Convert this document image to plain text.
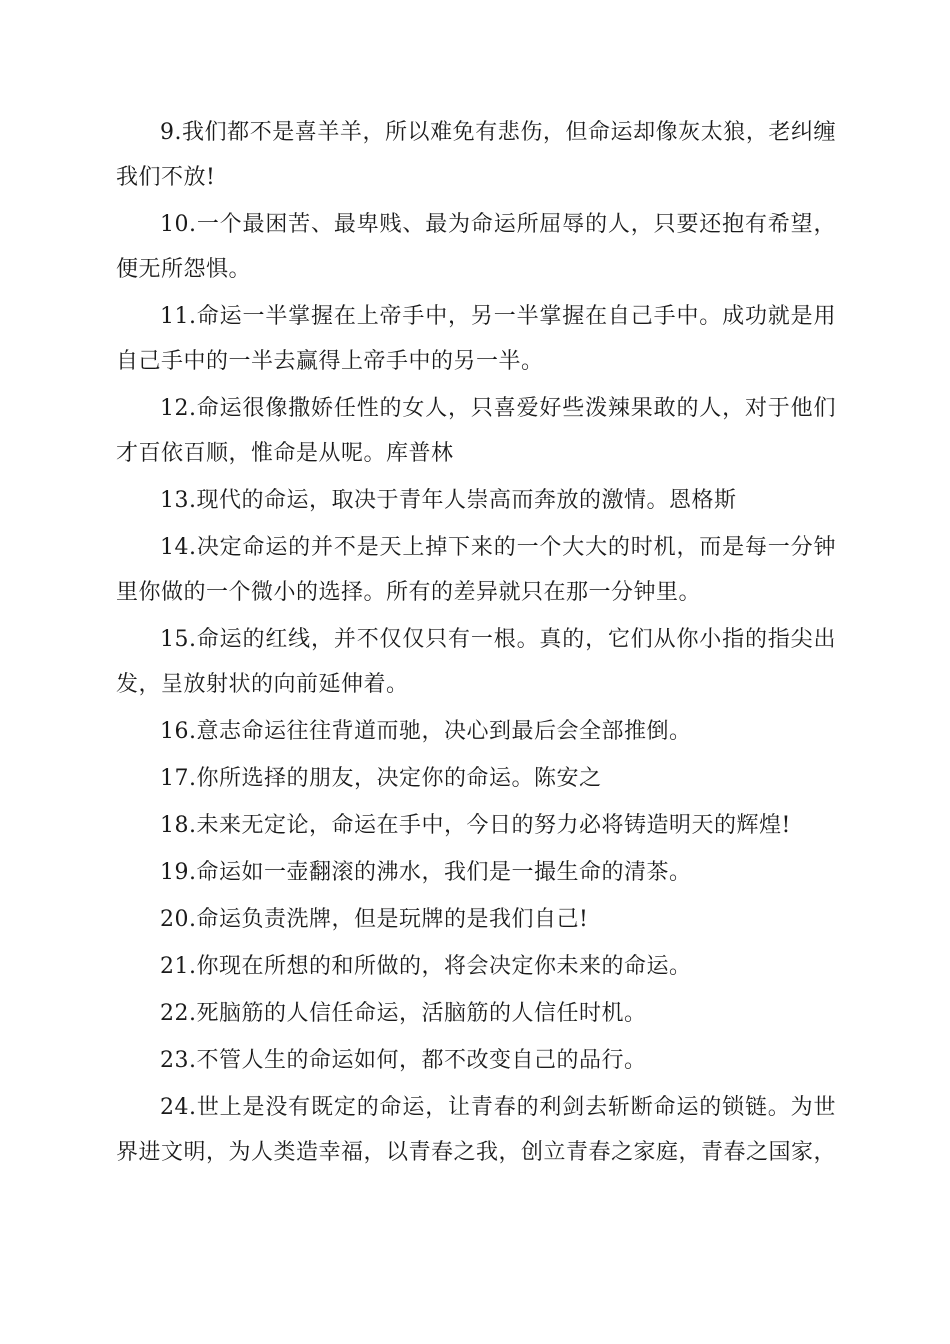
9.我们都不是喜羊羊，所以难免有悲伤，但命运却像灰太狼，老纠缠我们不放!

10.一个最困苦、最卑贱、最为命运所屈辱的人，只要还抱有希望，便无所怨惧。

11.命运一半掌握在上帝手中，另一半掌握在自己手中。成功就是用自己手中的一半去赢得上帝手中的另一半。

12.命运很像撒娇任性的女人，只喜爱好些泼辣果敢的人，对于他们才百依百顺，惟命是从呢。库普林

13.现代的命运，取决于青年人崇高而奔放的激情。恩格斯

14.决定命运的并不是天上掉下来的一个大大的时机，而是每一分钟里你做的一个微小的选择。所有的差异就只在那一分钟里。

15.命运的红线，并不仅仅只有一根。真的，它们从你小指的指尖出发，呈放射状的向前延伸着。

16.意志命运往往背道而驰，决心到最后会全部推倒。

17.你所选择的朋友，决定你的命运。陈安之

18.未来无定论，命运在手中，今日的努力必将铸造明天的辉煌!

19.命运如一壶翻滚的沸水，我们是一撮生命的清茶。

20.命运负责洗牌，但是玩牌的是我们自己!

21.你现在所想的和所做的，将会决定你未来的命运。

22.死脑筋的人信任命运，活脑筋的人信任时机。

23.不管人生的命运如何，都不改变自己的品行。

24.世上是没有既定的命运，让青春的利剑去斩断命运的锁链。为世界进文明，为人类造幸福，以青春之我，创立青春之家庭，青春之国家，
